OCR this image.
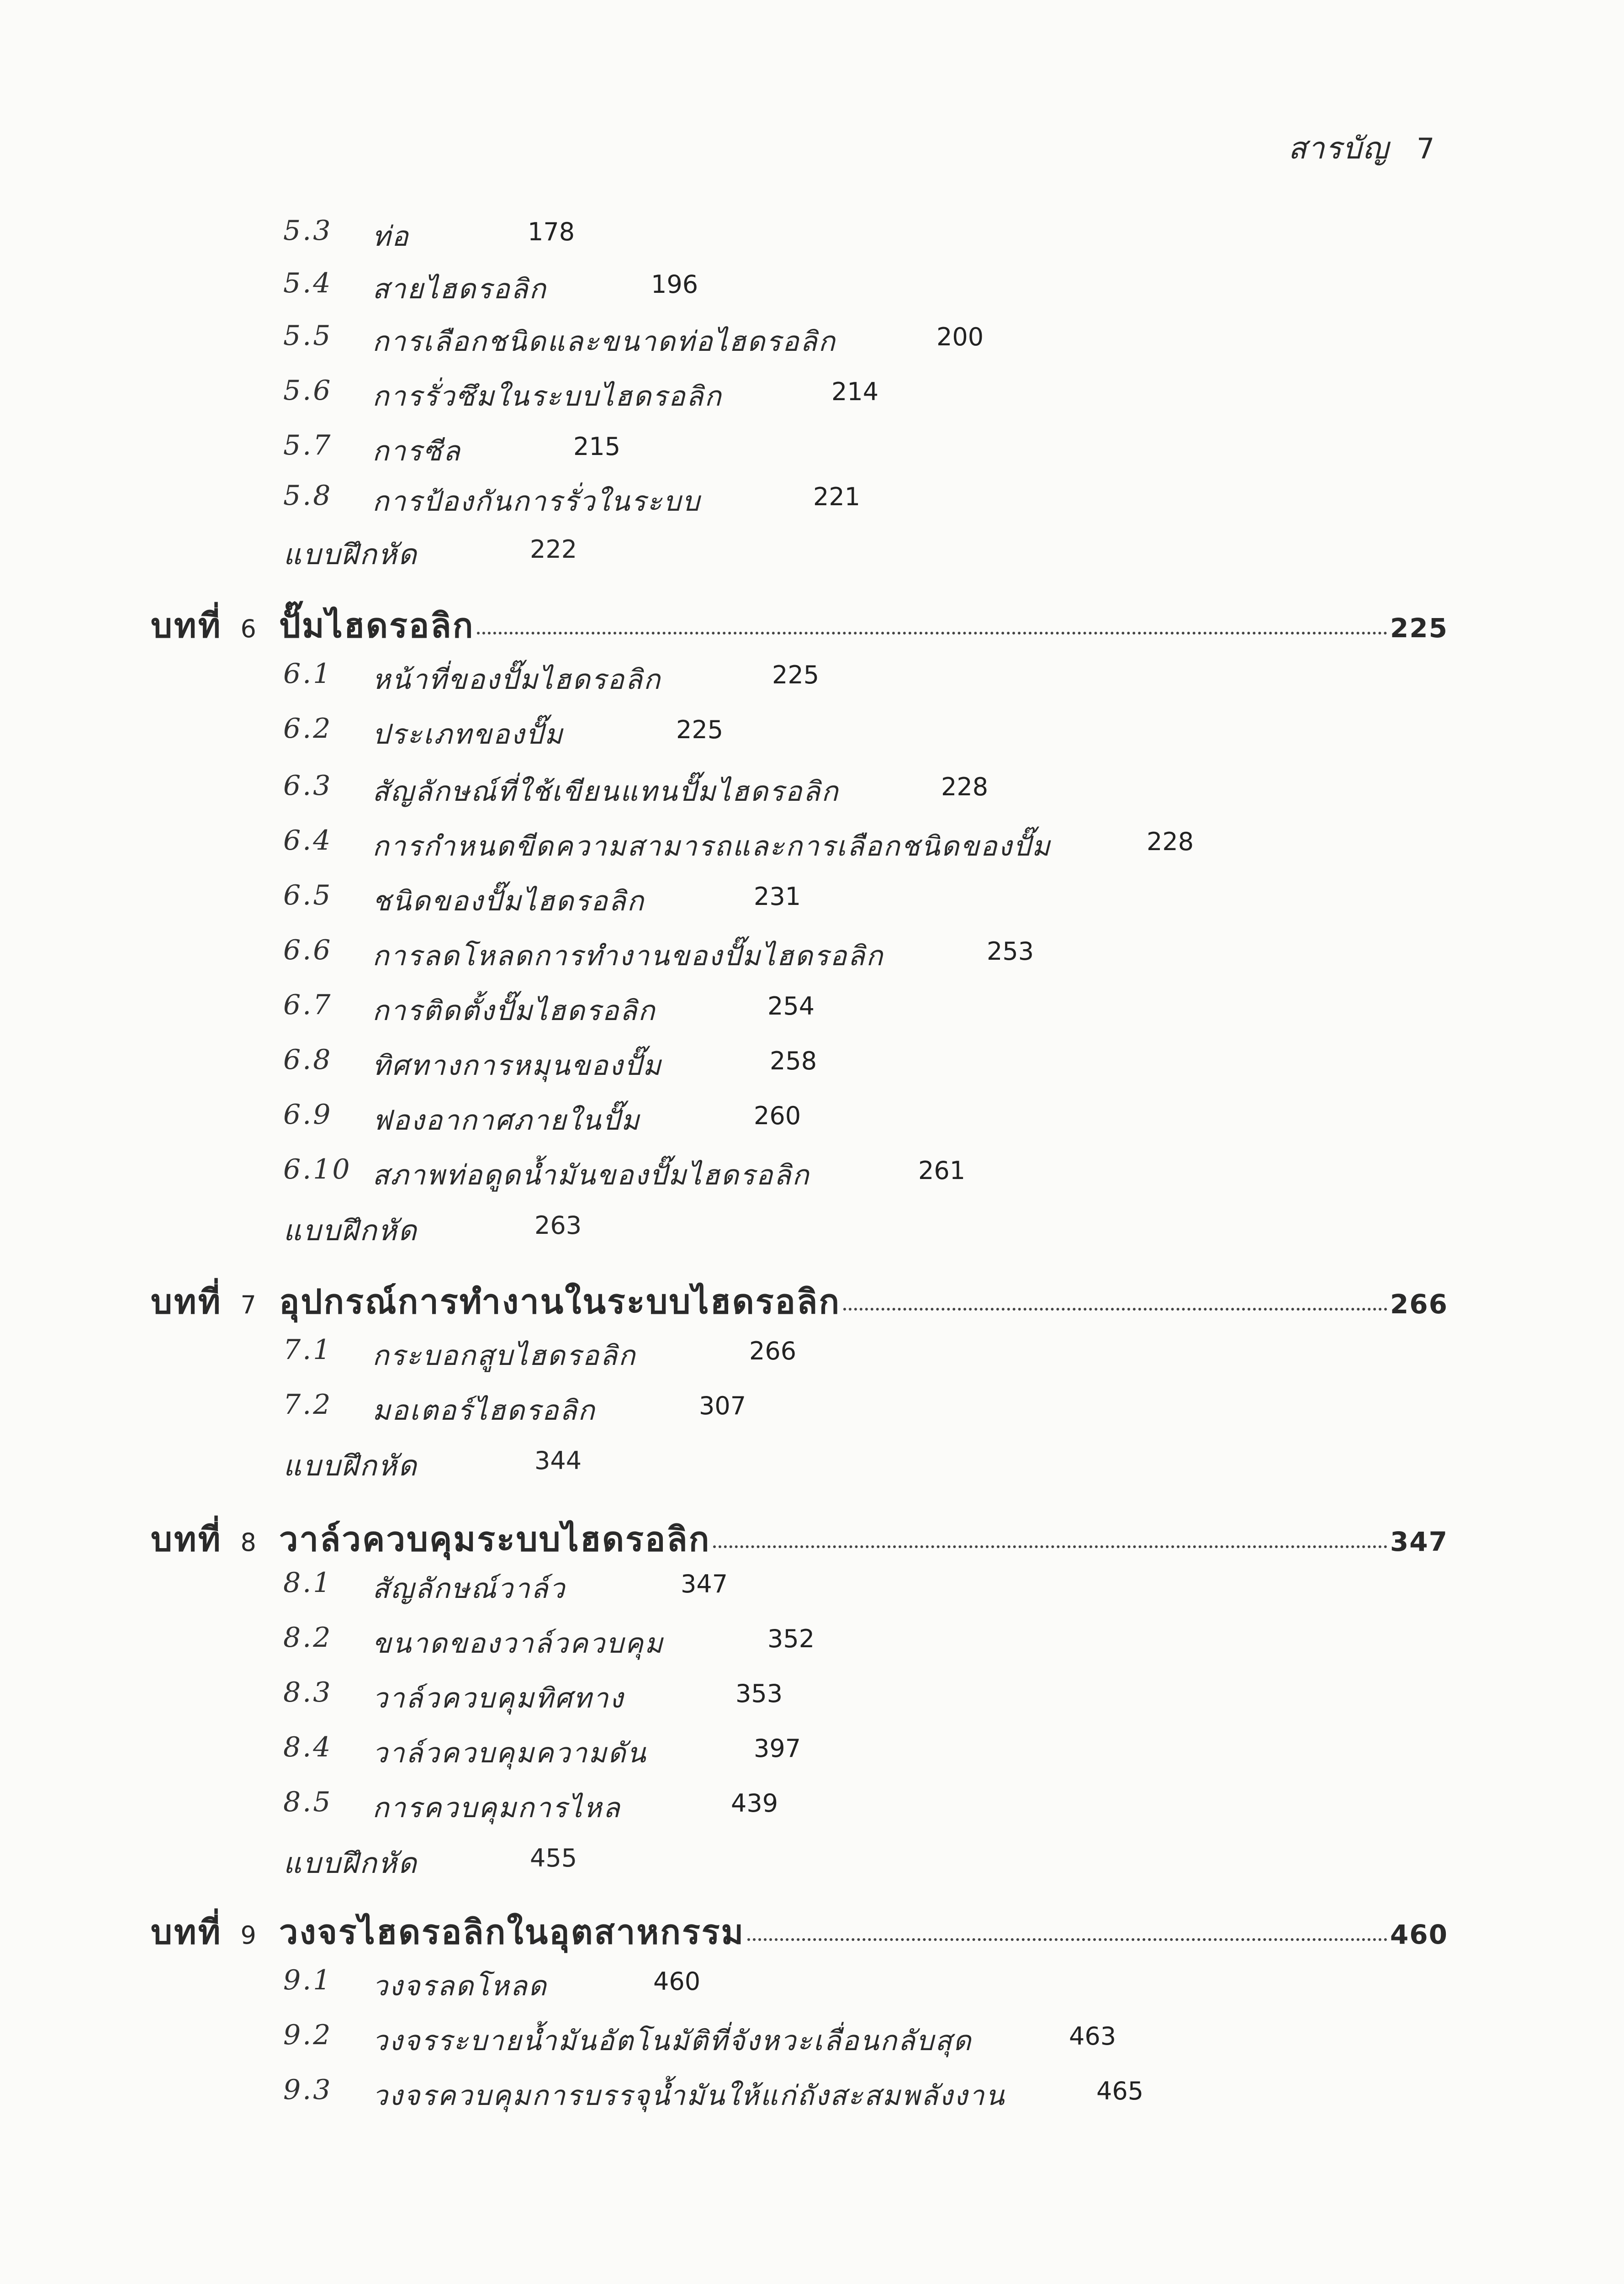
สารบัญ 7
5.3 ท่อ	178
5.4 สายไฮดรอลิก	196
5.5 การเลือกชนิดและขนาดท่อไฮดรอลิก	200
5.6 การรั่วซึมในระบบไฮดรอลิก	214
5.7 การซีล	215
5.8 การป้องกันการรั่วในระบบ	221
แบบฝึกหัด	222
บทที่ 6 ปั๊มไฮดรอลิก	225
6.1 หน้าที่ของปั๊มไฮดรอลิก	225
6.2 ประเภทของปั๊ม	225
6.3 สัญลักษณ์ที่ใช้เขียนแทนปั๊มไฮดรอลิก	228
6.4 การกำหนดขีดความสามารถและการเลือกชนิดของปั๊ม	228
6.5 ชนิดของปั๊มไฮดรอลิก	231
6.6 การลดโหลดการทำงานของปั๊มไฮดรอลิก	253
6.7 การติดตั้งปั๊มไฮดรอลิก	254
6.8 ทิศทางการหมุนของปั๊ม	258
6.9 ฟองอากาศภายในปั๊ม	260
6.10 สภาพท่อดูดน้ำมันของปั๊มไฮดรอลิก	261
แบบฝึกหัด	263
บทที่ 7 อุปกรณ์การทำงานในระบบไฮดรอลิก	266
7.1 กระบอกสูบไฮดรอลิก	266
7.2 มอเตอร์ไฮดรอลิก	307
แบบฝึกหัด	344
บทที่ 8 วาล์วควบคุมระบบไฮดรอลิก	347
8.1 สัญลักษณ์วาล์ว	347
8.2 ขนาดของวาล์วควบคุม	352
8.3 วาล์วควบคุมทิศทาง	353
8.4 วาล์วควบคุมความดัน	397
8.5 การควบคุมการไหล	439
แบบฝึกหัด	455
บทที่ 9 วงจรไฮดรอลิกในอุตสาหกรรม	460
9.1 วงจรลดโหลด	460
9.2 วงจรระบายน้ำมันอัตโนมัติที่จังหวะเลื่อนกลับสุด	463
9.3 วงจรควบคุมการบรรจุน้ำมันให้แก่ถังสะสมพลังงาน	465
